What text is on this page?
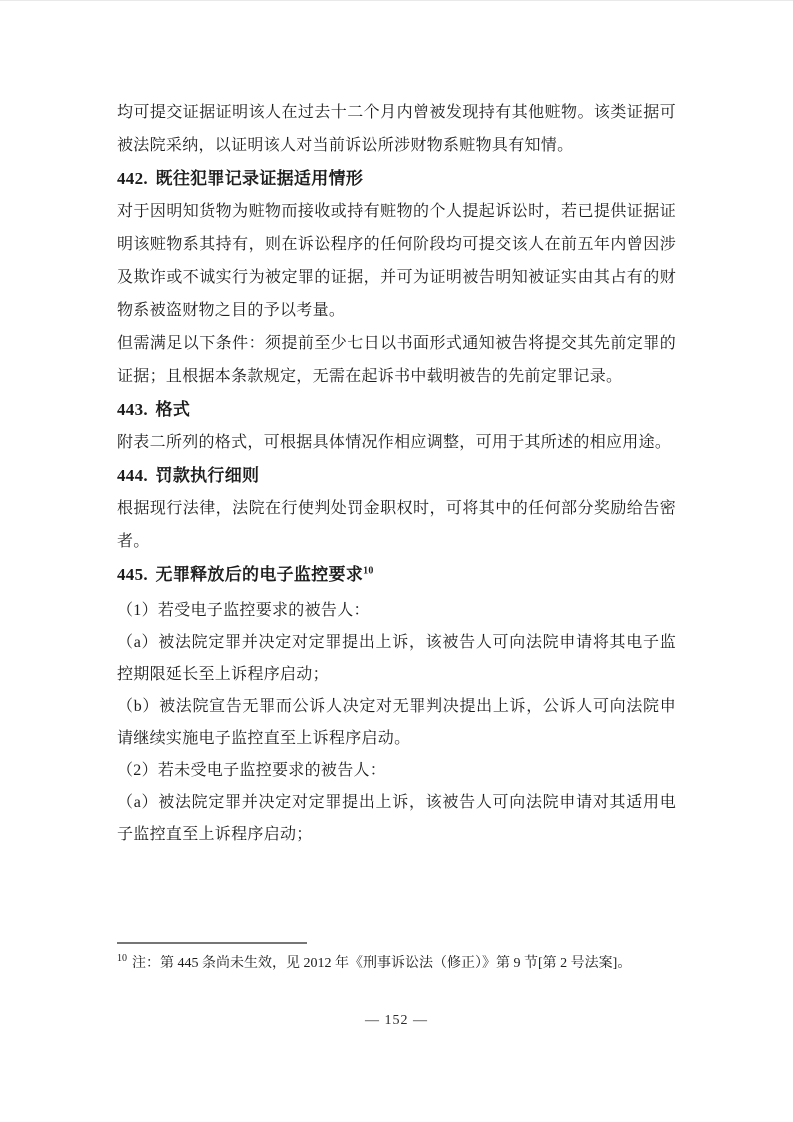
均可提交证据证明该人在过去十二个月内曾被发现持有其他赃物。该类证据可被法院采纳，以证明该人对当前诉讼所涉财物系赃物具有知情。

442. 既往犯罪记录证据适用情形

对于因明知货物为赃物而接收或持有赃物的个人提起诉讼时，若已提供证据证明该赃物系其持有，则在诉讼程序的任何阶段均可提交该人在前五年内曾因涉及欺诈或不诚实行为被定罪的证据，并可为证明被告明知被证实由其占有的财物系被盗财物之目的予以考量。

但需满足以下条件：须提前至少七日以书面形式通知被告将提交其先前定罪的证据；且根据本条款规定，无需在起诉书中载明被告的先前定罪记录。

443. 格式

附表二所列的格式，可根据具体情况作相应调整，可用于其所述的相应用途。

444. 罚款执行细则

根据现行法律，法院在行使判处罚金职权时，可将其中的任何部分奖励给告密者。

445. 无罪释放后的电子监控要求$^{10}$

（1）若受电子监控要求的被告人：

（a）被法院定罪并决定对定罪提出上诉，该被告人可向法院申请将其电子监控期限延长至上诉程序启动；

（b）被法院宣告无罪而公诉人决定对无罪判决提出上诉，公诉人可向法院申请继续实施电子监控直至上诉程序启动。

（2）若未受电子监控要求的被告人：

（a）被法院定罪并决定对定罪提出上诉，该被告人可向法院申请对其适用电子监控直至上诉程序启动；

$^{10}$ 注：第 445 条尚未生效，见 2012 年《刑事诉讼法（修正）》第 9 节[第 2 号法案]。

— 152 —
